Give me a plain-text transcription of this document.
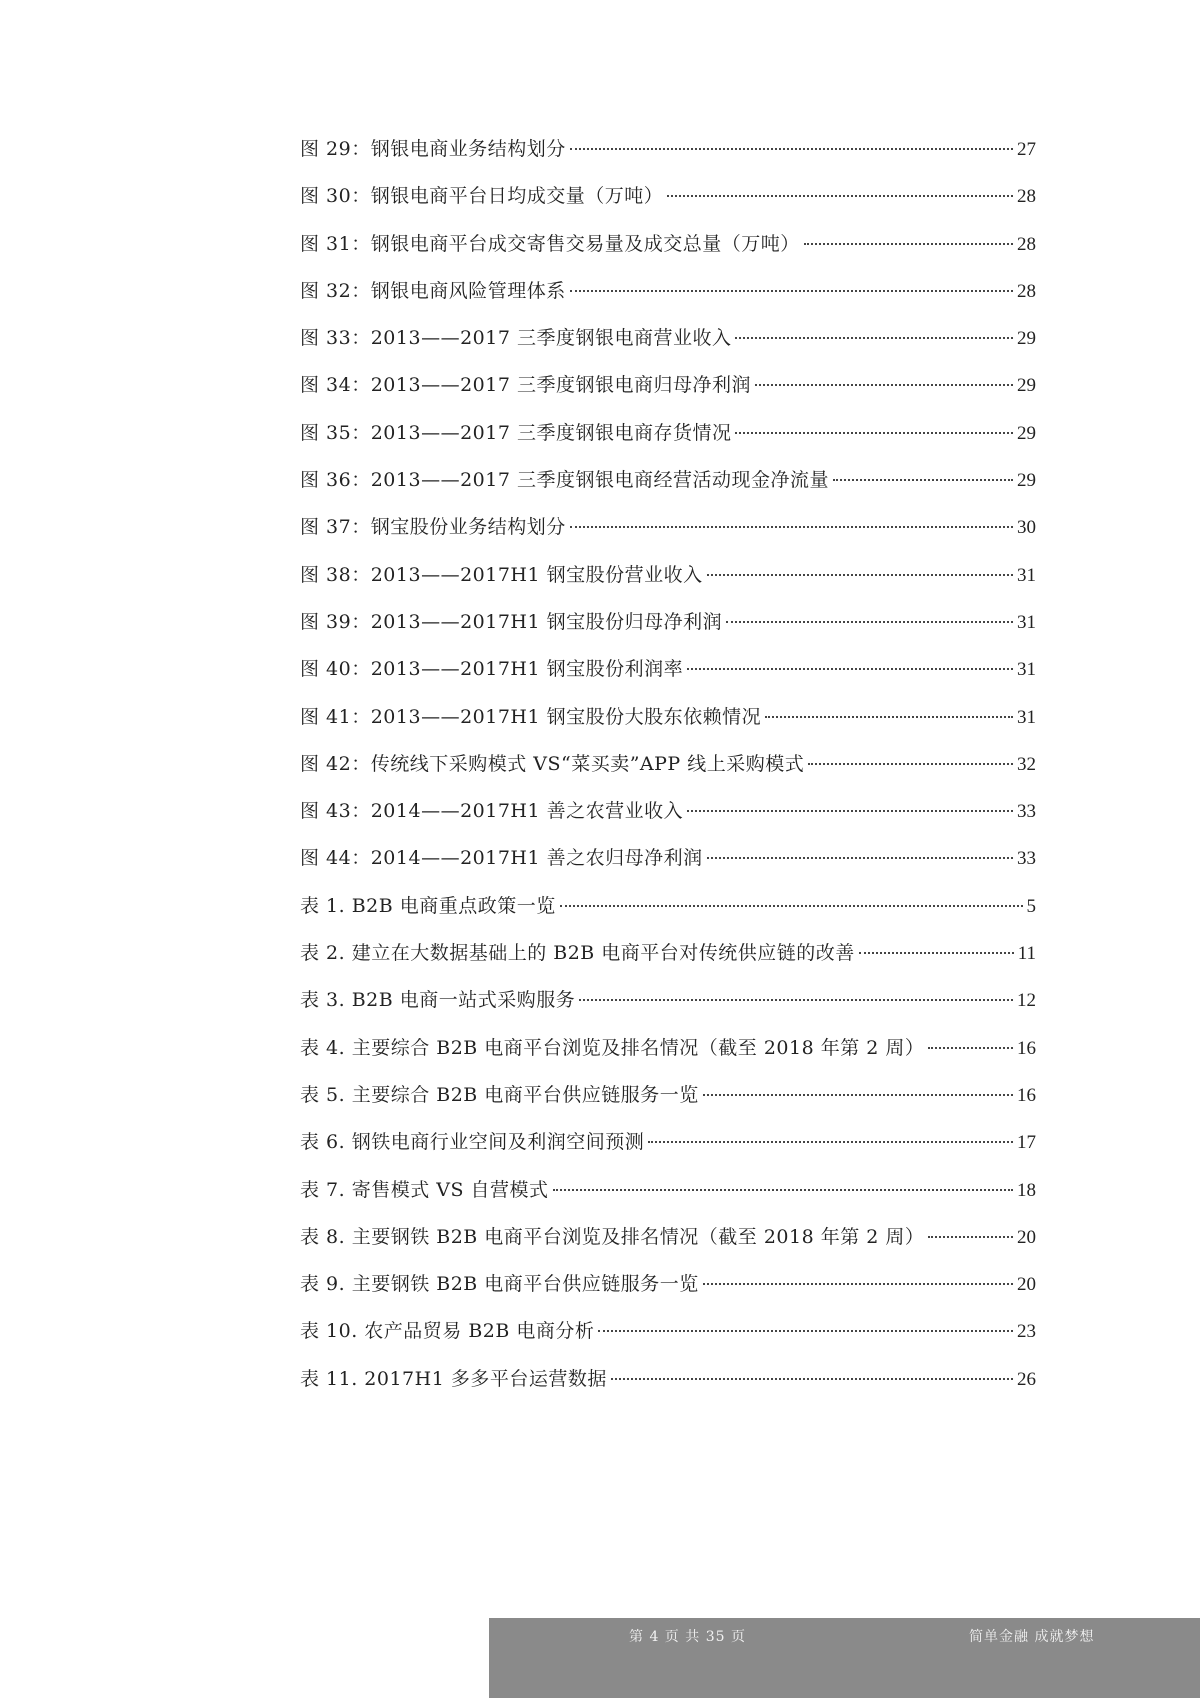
图 29：钢银电商业务结构划分	27
图 30：钢银电商平台日均成交量（万吨）	28
图 31：钢银电商平台成交寄售交易量及成交总量（万吨）	28
图 32：钢银电商风险管理体系	28
图 33：2013——2017 三季度钢银电商营业收入	29
图 34：2013——2017 三季度钢银电商归母净利润	29
图 35：2013——2017 三季度钢银电商存货情况	29
图 36：2013——2017 三季度钢银电商经营活动现金净流量	29
图 37：钢宝股份业务结构划分	30
图 38：2013——2017H1 钢宝股份营业收入	31
图 39：2013——2017H1 钢宝股份归母净利润	31
图 40：2013——2017H1 钢宝股份利润率	31
图 41：2013——2017H1 钢宝股份大股东依赖情况	31
图 42：传统线下采购模式 VS“菜买卖”APP 线上采购模式	32
图 43：2014——2017H1 善之农营业收入	33
图 44：2014——2017H1 善之农归母净利润	33
表 1. B2B 电商重点政策一览	5
表 2. 建立在大数据基础上的 B2B 电商平台对传统供应链的改善	11
表 3. B2B 电商一站式采购服务	12
表 4. 主要综合 B2B 电商平台浏览及排名情况（截至 2018 年第 2 周）	16
表 5. 主要综合 B2B 电商平台供应链服务一览	16
表 6. 钢铁电商行业空间及利润空间预测	17
表 7. 寄售模式 VS 自营模式	18
表 8. 主要钢铁 B2B 电商平台浏览及排名情况（截至 2018 年第 2 周）	20
表 9. 主要钢铁 B2B 电商平台供应链服务一览	20
表 10. 农产品贸易 B2B 电商分析	23
表 11. 2017H1 多多平台运营数据	26
第 4 页 共 35 页	简单金融 成就梦想
